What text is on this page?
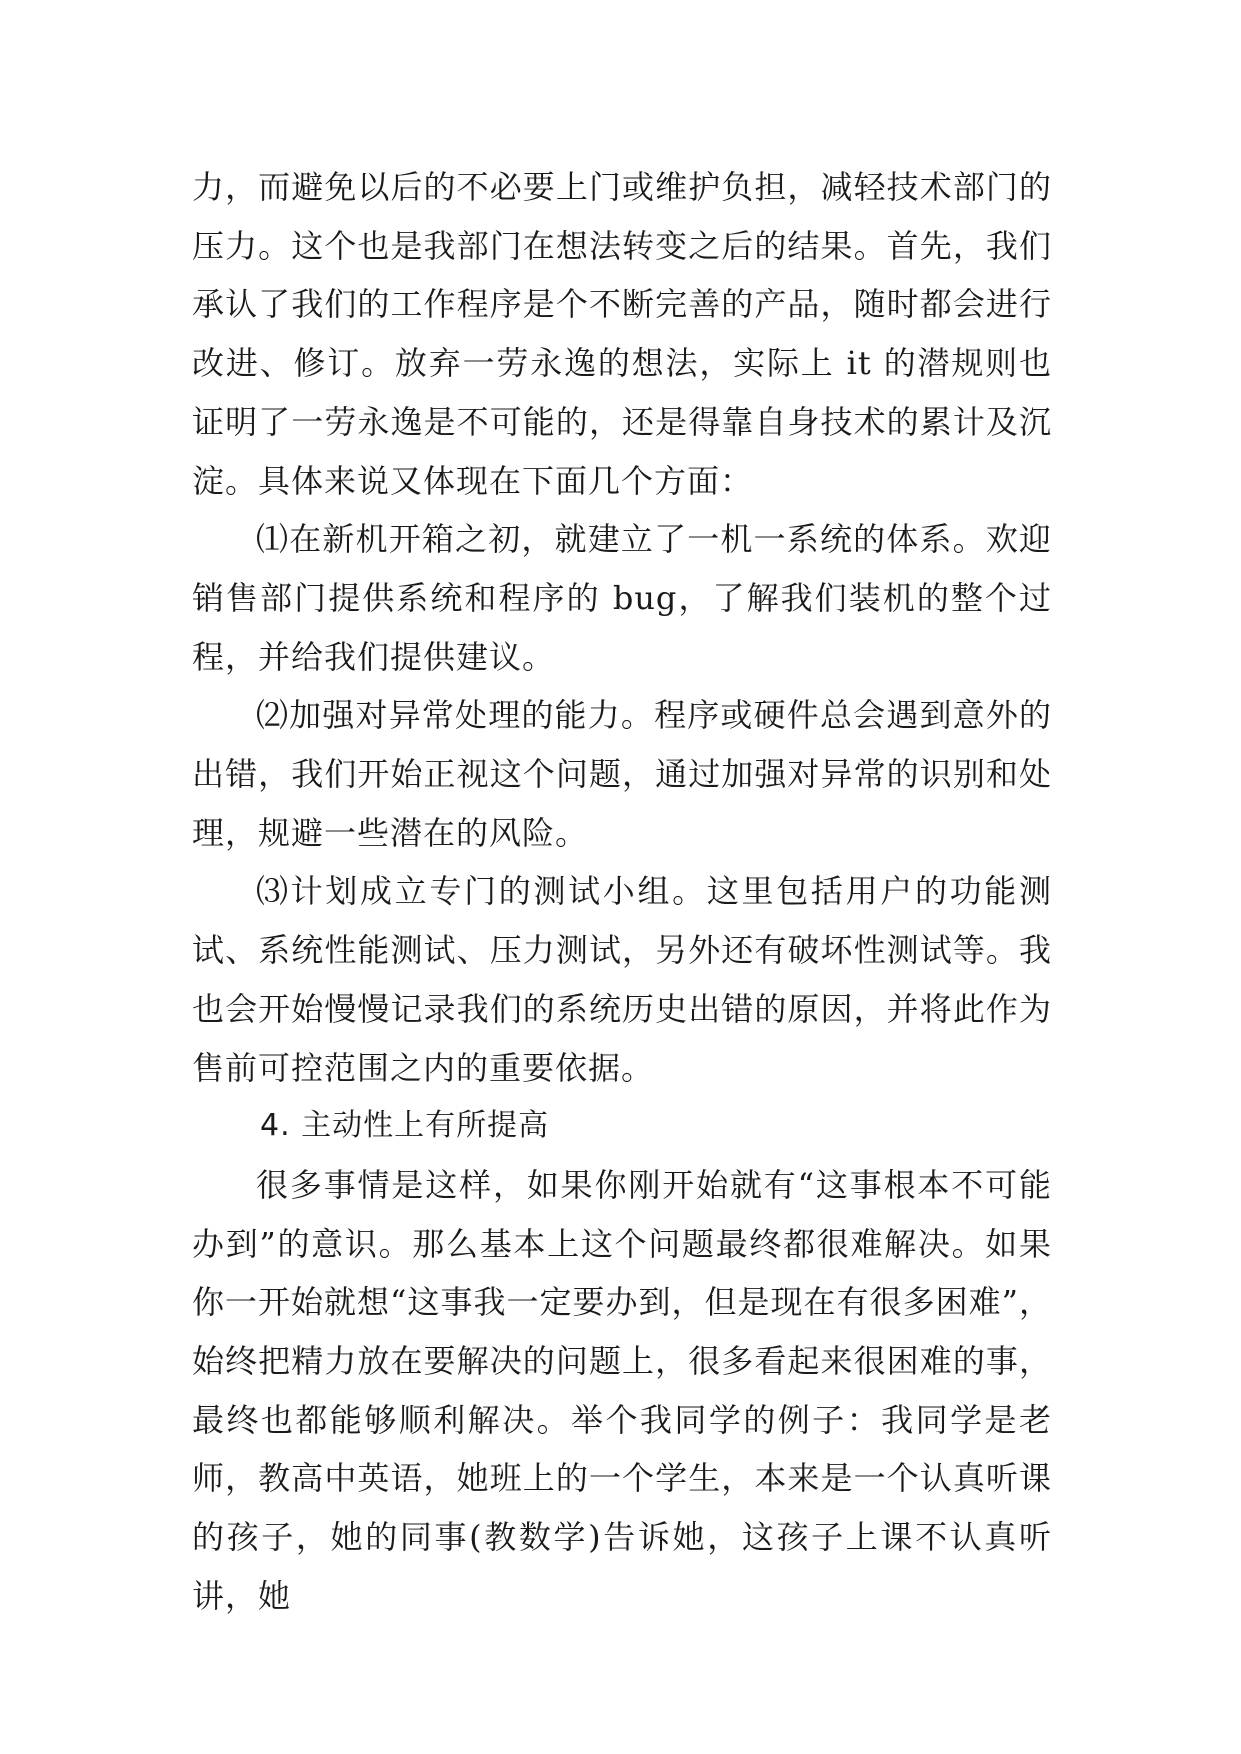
力，而避免以后的不必要上门或维护负担，减轻技术部门的压力。这个也是我部门在想法转变之后的结果。首先，我们承认了我们的工作程序是个不断完善的产品，随时都会进行改进、修订。放弃一劳永逸的想法，实际上 it 的潜规则也证明了一劳永逸是不可能的，还是得靠自身技术的累计及沉淀。具体来说又体现在下面几个方面：

⑴在新机开箱之初，就建立了一机一系统的体系。欢迎销售部门提供系统和程序的 bug，了解我们装机的整个过程，并给我们提供建议。

⑵加强对异常处理的能力。程序或硬件总会遇到意外的出错，我们开始正视这个问题，通过加强对异常的识别和处理，规避一些潜在的风险。

⑶计划成立专门的测试小组。这里包括用户的功能测试、系统性能测试、压力测试，另外还有破坏性测试等。我也会开始慢慢记录我们的系统历史出错的原因，并将此作为售前可控范围之内的重要依据。

4. 主动性上有所提高

很多事情是这样，如果你刚开始就有“这事根本不可能办到”的意识。那么基本上这个问题最终都很难解决。如果你一开始就想“这事我一定要办到，但是现在有很多困难”，始终把精力放在要解决的问题上，很多看起来很困难的事，最终也都能够顺利解决。举个我同学的例子：我同学是老师，教高中英语，她班上的一个学生，本来是一个认真听课的孩子，她的同事(教数学)告诉她，这孩子上课不认真听讲，她
